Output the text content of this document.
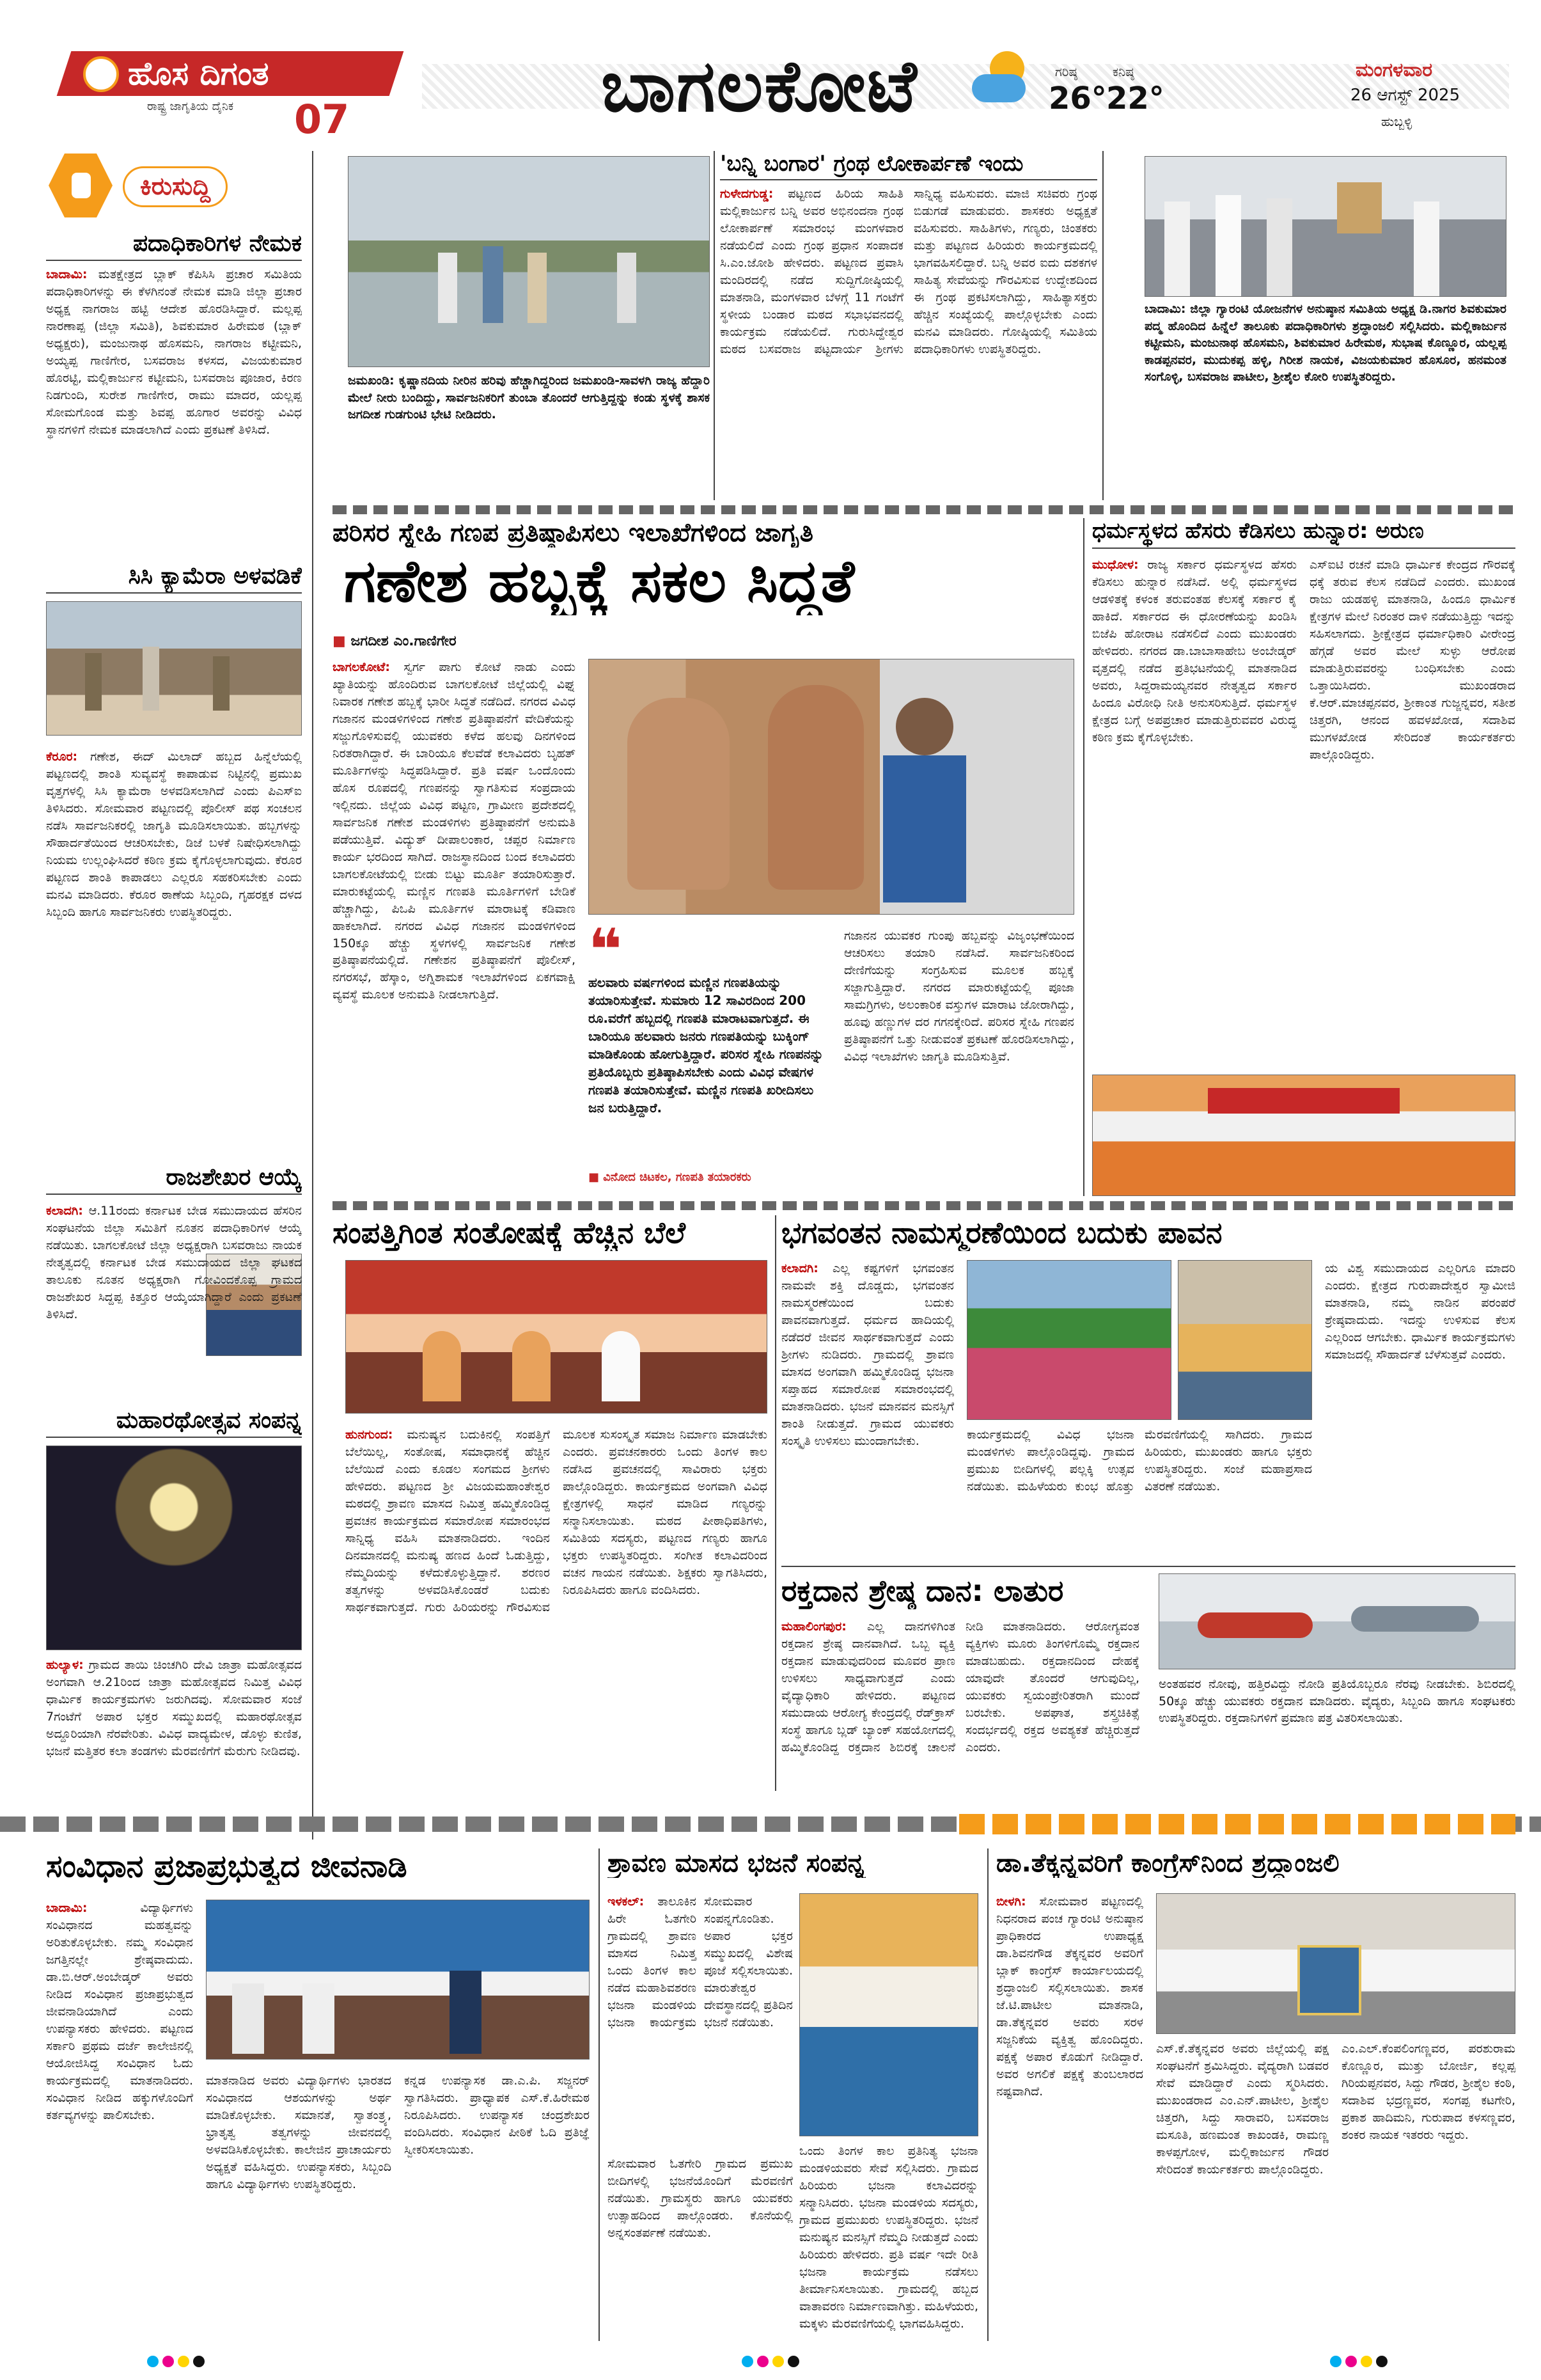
ಹೊಸ ದಿಗಂತ
ರಾಷ್ಟ್ರ ಜಾಗೃತಿಯ ದೈನಿಕ 07	ಬಾಗಲಕೋಟೆ	ಗರಿಷ್ಠ
26°
ಕನಿಷ್ಠ
22°
ಮಂಗಳವಾರ
26 ಆಗಸ್ಟ್ 2025
ಹುಬ್ಬಳ್ಳಿ
ಕಿರುಸುದ್ದಿ
ಪದಾಧಿಕಾರಿಗಳ ನೇಮಕ
ಬಾದಾಮಿ: ಮತಕ್ಷೇತ್ರದ ಬ್ಲಾಕ್ ಕೆಪಿಸಿಸಿ ಪ್ರಚಾರ ಸಮಿತಿಯ ಪದಾಧಿಕಾರಿಗಳನ್ನು ಈ ಕೆಳಗಿನಂತೆ ನೇಮಕ ಮಾಡಿ ಜಿಲ್ಲಾ ಪ್ರಚಾರ ಅಧ್ಯಕ್ಷ ನಾಗರಾಜ ಹಟ್ಟಿ ಆದೇಶ ಹೊರಡಿಸಿದ್ದಾರೆ. ಮಲ್ಲಪ್ಪ ನಾರಣಾಪ್ಪ (ಜಿಲ್ಲಾ ಸಮಿತಿ), ಶಿವಕುಮಾರ ಹಿರೇಮಠ (ಬ್ಲಾಕ್ ಅಧ್ಯಕ್ಷರು), ಮಂಜುನಾಥ ಹೊಸಮನಿ, ನಾಗರಾಜ ಕಟ್ಟೀಮನಿ, ಅಯ್ಯಪ್ಪ ಗಾಣಿಗೇರ, ಬಸವರಾಜ ಕಳಸದ, ವಿಜಯಕುಮಾರ ಹೊರಟ್ಟಿ, ಮಲ್ಲಿಕಾರ್ಜುನ ಕಟ್ಟೀಮನಿ, ಬಸವರಾಜ ಪೂಜಾರ, ಕಿರಣ ನಿಡಗುಂದಿ, ಸುರೇಶ ಗಾಣಿಗೇರ, ರಾಮು ಮಾದರ, ಯಲ್ಲಪ್ಪ ಸೋಮಗೊಂಡ ಮತ್ತು ಶಿವಪ್ಪ ಹೂಗಾರ ಅವರನ್ನು ವಿವಿಧ ಸ್ಥಾನಗಳಿಗೆ ನೇಮಕ ಮಾಡಲಾಗಿದೆ ಎಂದು ಪ್ರಕಟಣೆ ತಿಳಿಸಿದೆ.
ಸಿಸಿ ಕ್ಯಾಮೆರಾ ಅಳವಡಿಕೆ
ಕೆರೂರ: ಗಣೇಶ, ಈದ್ ಮಿಲಾದ್ ಹಬ್ಬದ ಹಿನ್ನೆಲೆಯಲ್ಲಿ ಪಟ್ಟಣದಲ್ಲಿ ಶಾಂತಿ ಸುವ್ಯವಸ್ಥೆ ಕಾಪಾಡುವ ನಿಟ್ಟಿನಲ್ಲಿ ಪ್ರಮುಖ ವೃತ್ತಗಳಲ್ಲಿ ಸಿಸಿ ಕ್ಯಾಮೆರಾ ಅಳವಡಿಸಲಾಗಿದೆ ಎಂದು ಪಿಎಸ್ಐ ತಿಳಿಸಿದರು. ಸೋಮವಾರ ಪಟ್ಟಣದಲ್ಲಿ ಪೊಲೀಸ್ ಪಥ ಸಂಚಲನ ನಡೆಸಿ ಸಾರ್ವಜನಿಕರಲ್ಲಿ ಜಾಗೃತಿ ಮೂಡಿಸಲಾಯಿತು. ಹಬ್ಬಗಳನ್ನು ಸೌಹಾರ್ದತೆಯಿಂದ ಆಚರಿಸಬೇಕು, ಡಿಜೆ ಬಳಕೆ ನಿಷೇಧಿಸಲಾಗಿದ್ದು ನಿಯಮ ಉಲ್ಲಂಘಿಸಿದರೆ ಕಠಿಣ ಕ್ರಮ ಕೈಗೊಳ್ಳಲಾಗುವುದು. ಕೆರೂರ ಪಟ್ಟಣದ ಶಾಂತಿ ಕಾಪಾಡಲು ಎಲ್ಲರೂ ಸಹಕರಿಸಬೇಕು ಎಂದು ಮನವಿ ಮಾಡಿದರು. ಕೆರೂರ ಠಾಣೆಯ ಸಿಬ್ಬಂದಿ, ಗೃಹರಕ್ಷಕ ದಳದ ಸಿಬ್ಬಂದಿ ಹಾಗೂ ಸಾರ್ವಜನಿಕರು ಉಪಸ್ಥಿತರಿದ್ದರು.
ರಾಜಶೇಖರ ಆಯ್ಕೆ
ಕಲಾದಗಿ: ಆ.11ರಂದು ಕರ್ನಾಟಕ ಬೇಡ ಸಮುದಾಯದ ಹೆಸರಿನ ಸಂಘಟನೆಯ ಜಿಲ್ಲಾ ಸಮಿತಿಗೆ ನೂತನ ಪದಾಧಿಕಾರಿಗಳ ಆಯ್ಕೆ ನಡೆಯಿತು. ಬಾಗಲಕೋಟೆ ಜಿಲ್ಲಾ ಅಧ್ಯಕ್ಷರಾಗಿ ಬಸವರಾಜು ನಾಯಕ ನೇತೃತ್ವದಲ್ಲಿ ಕರ್ನಾಟಕ ಬೇಡ ಸಮುದಾಯದ ಜಿಲ್ಲಾ ಘಟಕದ ತಾಲೂಕು ನೂತನ ಅಧ್ಯಕ್ಷರಾಗಿ ಗೋವಿಂದಕೊಪ್ಪ ಗ್ರಾಮದ ರಾಜಶೇಖರ ಸಿದ್ದಪ್ಪ ಕಿತ್ತೂರ ಆಯ್ಕೆಯಾಗಿದ್ದಾರೆ ಎಂದು ಪ್ರಕಟಣೆ ತಿಳಿಸಿದೆ.
ಮಹಾರಥೋತ್ಸವ ಸಂಪನ್ನ
ಹುಲ್ಯಾಳ: ಗ್ರಾಮದ ತಾಯಿ ಚಿಂಚಗಿರಿ ದೇವಿ ಜಾತ್ರಾ ಮಹೋತ್ಸವದ ಅಂಗವಾಗಿ ಆ.21ರಿಂದ ಜಾತ್ರಾ ಮಹೋತ್ಸವದ ನಿಮಿತ್ತ ವಿವಿಧ ಧಾರ್ಮಿಕ ಕಾರ್ಯಕ್ರಮಗಳು ಜರುಗಿದವು. ಸೋಮವಾರ ಸಂಜೆ 7ಗಂಟೆಗೆ ಅಪಾರ ಭಕ್ತರ ಸಮ್ಮುಖದಲ್ಲಿ ಮಹಾರಥೋತ್ಸವ ಅದ್ದೂರಿಯಾಗಿ ನೆರವೇರಿತು. ವಿವಿಧ ವಾದ್ಯಮೇಳ, ಡೊಳ್ಳು ಕುಣಿತ, ಭಜನೆ ಮತ್ತಿತರ ಕಲಾ ತಂಡಗಳು ಮೆರವಣಿಗೆಗೆ ಮೆರುಗು ನೀಡಿದವು.
ಜಮಖಂಡಿ: ಕೃಷ್ಣಾನದಿಯ ನೀರಿನ ಹರಿವು ಹೆಚ್ಚಾಗಿದ್ದರಿಂದ ಜಮಖಂಡಿ-ಸಾವಳಗಿ ರಾಜ್ಯ ಹೆದ್ದಾರಿ ಮೇಲೆ ನೀರು ಬಂದಿದ್ದು, ಸಾರ್ವಜನಿಕರಿಗೆ ತುಂಬಾ ತೊಂದರೆ ಆಗುತ್ತಿದ್ದನ್ನು ಕಂಡು ಸ್ಥಳಕ್ಕೆ ಶಾಸಕ ಜಗದೀಶ ಗುಡಗುಂಟಿ ಭೇಟಿ ನೀಡಿದರು.
'ಬನ್ನಿ ಬಂಗಾರ' ಗ್ರಂಥ ಲೋಕಾರ್ಪಣೆ ಇಂದು
ಗುಳೇದಗುಡ್ಡ: ಪಟ್ಟಣದ ಹಿರಿಯ ಸಾಹಿತಿ ಮಲ್ಲಿಕಾರ್ಜುನ ಬನ್ನಿ ಅವರ ಅಭಿನಂದನಾ ಗ್ರಂಥ ಲೋಕಾರ್ಪಣೆ ಸಮಾರಂಭ ಮಂಗಳವಾರ ನಡೆಯಲಿದೆ ಎಂದು ಗ್ರಂಥ ಪ್ರಧಾನ ಸಂಪಾದಕ ಸಿ.ಎಂ.ಜೋಶಿ ಹೇಳಿದರು. ಪಟ್ಟಣದ ಪ್ರವಾಸಿ ಮಂದಿರದಲ್ಲಿ ನಡೆದ ಸುದ್ದಿಗೋಷ್ಠಿಯಲ್ಲಿ ಮಾತನಾಡಿ, ಮಂಗಳವಾರ ಬೆಳಗ್ಗೆ 11 ಗಂಟೆಗೆ ಸ್ಥಳೀಯ ಬಂಡಾರ ಮಠದ ಸಭಾಭವನದಲ್ಲಿ ಕಾರ್ಯಕ್ರಮ ನಡೆಯಲಿದೆ. ಗುರುಸಿದ್ದೇಶ್ವರ ಮಠದ ಬಸವರಾಜ ಪಟ್ಟದಾರ್ಯ ಶ್ರೀಗಳು ಸಾನ್ನಿಧ್ಯ ವಹಿಸುವರು. ಮಾಜಿ ಸಚಿವರು ಗ್ರಂಥ ಬಿಡುಗಡೆ ಮಾಡುವರು. ಶಾಸಕರು ಅಧ್ಯಕ್ಷತೆ ವಹಿಸುವರು. ಸಾಹಿತಿಗಳು, ಗಣ್ಯರು, ಚಿಂತಕರು ಮತ್ತು ಪಟ್ಟಣದ ಹಿರಿಯರು ಕಾರ್ಯಕ್ರಮದಲ್ಲಿ ಭಾಗವಹಿಸಲಿದ್ದಾರೆ. ಬನ್ನಿ ಅವರ ಐದು ದಶಕಗಳ ಸಾಹಿತ್ಯ ಸೇವೆಯನ್ನು ಗೌರವಿಸುವ ಉದ್ದೇಶದಿಂದ ಈ ಗ್ರಂಥ ಪ್ರಕಟಿಸಲಾಗಿದ್ದು, ಸಾಹಿತ್ಯಾಸಕ್ತರು ಹೆಚ್ಚಿನ ಸಂಖ್ಯೆಯಲ್ಲಿ ಪಾಲ್ಗೊಳ್ಳಬೇಕು ಎಂದು ಮನವಿ ಮಾಡಿದರು. ಗೋಷ್ಠಿಯಲ್ಲಿ ಸಮಿತಿಯ ಪದಾಧಿಕಾರಿಗಳು ಉಪಸ್ಥಿತರಿದ್ದರು.
ಬಾದಾಮಿ: ಜಿಲ್ಲಾ ಗ್ಯಾರಂಟಿ ಯೋಜನೆಗಳ ಅನುಷ್ಠಾನ ಸಮಿತಿಯ ಅಧ್ಯಕ್ಷ ಡಿ.ನಾಗರ ಶಿವಕುಮಾರ ಪದ್ಮ ಹೊಂದಿದ ಹಿನ್ನೆಲೆ ತಾಲೂಕು ಪದಾಧಿಕಾರಿಗಳು ಶ್ರದ್ಧಾಂಜಲಿ ಸಲ್ಲಿಸಿದರು. ಮಲ್ಲಿಕಾರ್ಜುನ ಕಟ್ಟೀಮನಿ, ಮಂಜುನಾಥ ಹೊಸಮನಿ, ಶಿವಕುಮಾರ ಹಿರೇಮಠ, ಸುಭಾಷ ಕೊಣ್ಣೂರ, ಯಲ್ಲಪ್ಪ ಕಾಡಪ್ಪನವರ, ಮುದುಕಪ್ಪ ಹಳ್ಳಿ, ಗಿರೀಶ ನಾಯಕ, ವಿಜಯಕುಮಾರ ಹೊಸೂರ, ಹನಮಂತ ಸಂಗೊಳ್ಳಿ, ಬಸವರಾಜ ಪಾಟೀಲ, ಶ್ರೀಶೈಲ ಕೋರಿ ಉಪಸ್ಥಿತರಿದ್ದರು.
ಪರಿಸರ ಸ್ನೇಹಿ ಗಣಪ ಪ್ರತಿಷ್ಠಾಪಿಸಲು ಇಲಾಖೆಗಳಿಂದ ಜಾಗೃತಿ
ಗಣೇಶ ಹಬ್ಬಕ್ಕೆ ಸಕಲ ಸಿದ್ಧತೆ
■ ಜಗದೀಶ ಎಂ.ಗಾಣಿಗೇರ
ಬಾಗಲಕೋಟೆ: ಸ್ವರ್ಗ ಪಾಗು ಕೋಟೆ ನಾಡು ಎಂದು ಖ್ಯಾತಿಯನ್ನು ಹೊಂದಿರುವ ಬಾಗಲಕೋಟೆ ಜಿಲ್ಲೆಯಲ್ಲಿ ವಿಘ್ನ ನಿವಾರಕ ಗಣೇಶ ಹಬ್ಬಕ್ಕೆ ಭಾರೀ ಸಿದ್ಧತೆ ನಡೆದಿದೆ. ನಗರದ ವಿವಿಧ ಗಜಾನನ ಮಂಡಳಿಗಳಿಂದ ಗಣೇಶ ಪ್ರತಿಷ್ಠಾಪನೆಗೆ ವೇದಿಕೆಯನ್ನು ಸಜ್ಜುಗೊಳಿಸುವಲ್ಲಿ ಯುವಕರು ಕಳೆದ ಹಲವು ದಿನಗಳಿಂದ ನಿರತರಾಗಿದ್ದಾರೆ. ಈ ಬಾರಿಯೂ ಕೆಲವೆಡೆ ಕಲಾವಿದರು ಬೃಹತ್ ಮೂರ್ತಿಗಳನ್ನು ಸಿದ್ಧಪಡಿಸಿದ್ದಾರೆ. ಪ್ರತಿ ವರ್ಷ ಒಂದೊಂದು ಹೊಸ ರೂಪದಲ್ಲಿ ಗಣಪನನ್ನು ಸ್ವಾಗತಿಸುವ ಸಂಪ್ರದಾಯ ಇಲ್ಲಿನದು. ಜಿಲ್ಲೆಯ ವಿವಿಧ ಪಟ್ಟಣ, ಗ್ರಾಮೀಣ ಪ್ರದೇಶದಲ್ಲಿ ಸಾರ್ವಜನಿಕ ಗಣೇಶ ಮಂಡಳಿಗಳು ಪ್ರತಿಷ್ಠಾಪನೆಗೆ ಅನುಮತಿ ಪಡೆಯುತ್ತಿವೆ. ವಿದ್ಯುತ್ ದೀಪಾಲಂಕಾರ, ಚಪ್ಪರ ನಿರ್ಮಾಣ ಕಾರ್ಯ ಭರದಿಂದ ಸಾಗಿದೆ. ರಾಜಸ್ಥಾನದಿಂದ ಬಂದ ಕಲಾವಿದರು ಬಾಗಲಕೋಟೆಯಲ್ಲಿ ಬೀಡು ಬಿಟ್ಟು ಮೂರ್ತಿ ತಯಾರಿಸುತ್ತಾರೆ. ಮಾರುಕಟ್ಟೆಯಲ್ಲಿ ಮಣ್ಣಿನ ಗಣಪತಿ ಮೂರ್ತಿಗಳಿಗೆ ಬೇಡಿಕೆ ಹೆಚ್ಚಾಗಿದ್ದು, ಪಿಒಪಿ ಮೂರ್ತಿಗಳ ಮಾರಾಟಕ್ಕೆ ಕಡಿವಾಣ ಹಾಕಲಾಗಿದೆ. ನಗರದ ವಿವಿಧ ಗಜಾನನ ಮಂಡಳಿಗಳಿಂದ 150ಕ್ಕೂ ಹೆಚ್ಚು ಸ್ಥಳಗಳಲ್ಲಿ ಸಾರ್ವಜನಿಕ ಗಣೇಶ ಪ್ರತಿಷ್ಠಾಪನೆಯಲ್ಲಿದೆ. ಗಣೇಶನ ಪ್ರತಿಷ್ಠಾಪನೆಗೆ ಪೊಲೀಸ್, ನಗರಸಭೆ, ಹೆಸ್ಕಾಂ, ಅಗ್ನಿಶಾಮಕ ಇಲಾಖೆಗಳಿಂದ ಏಕಗವಾಕ್ಷಿ ವ್ಯವಸ್ಥೆ ಮೂಲಕ ಅನುಮತಿ ನೀಡಲಾಗುತ್ತಿದೆ.
❝
ಹಲವಾರು ವರ್ಷಗಳಿಂದ ಮಣ್ಣಿನ ಗಣಪತಿಯನ್ನು ತಯಾರಿಸುತ್ತೇವೆ. ಸುಮಾರು 12 ಸಾವಿರದಿಂದ 200 ರೂ.ವರೆಗೆ ಹಬ್ಬದಲ್ಲಿ ಗಣಪತಿ ಮಾರಾಟವಾಗುತ್ತದೆ. ಈ ಬಾರಿಯೂ ಹಲವಾರು ಜನರು ಗಣಪತಿಯನ್ನು ಬುಕ್ಕಿಂಗ್ ಮಾಡಿಕೊಂಡು ಹೋಗುತ್ತಿದ್ದಾರೆ. ಪರಿಸರ ಸ್ನೇಹಿ ಗಣಪನನ್ನು ಪ್ರತಿಯೊಬ್ಬರು ಪ್ರತಿಷ್ಠಾಪಿಸಬೇಕು ಎಂದು ವಿವಿಧ ವೇಷಗಳ ಗಣಪತಿ ತಯಾರಿಸುತ್ತೇವೆ. ಮಣ್ಣಿನ ಗಣಪತಿ ಖರೀದಿಸಲು ಜನ ಬರುತ್ತಿದ್ದಾರೆ.
■ ವಿನೋದ ಚಿಟಕಲ, ಗಣಪತಿ ತಯಾರಕರು
ಗಜಾನನ ಯುವಕರ ಗುಂಪು ಹಬ್ಬವನ್ನು ವಿಜೃಂಭಣೆಯಿಂದ ಆಚರಿಸಲು ತಯಾರಿ ನಡೆಸಿದೆ. ಸಾರ್ವಜನಿಕರಿಂದ ದೇಣಿಗೆಯನ್ನು ಸಂಗ್ರಹಿಸುವ ಮೂಲಕ ಹಬ್ಬಕ್ಕೆ ಸಜ್ಜಾಗುತ್ತಿದ್ದಾರೆ. ನಗರದ ಮಾರುಕಟ್ಟೆಯಲ್ಲಿ ಪೂಜಾ ಸಾಮಗ್ರಿಗಳು, ಅಲಂಕಾರಿಕ ವಸ್ತುಗಳ ಮಾರಾಟ ಜೋರಾಗಿದ್ದು, ಹೂವು ಹಣ್ಣುಗಳ ದರ ಗಗನಕ್ಕೇರಿದೆ. ಪರಿಸರ ಸ್ನೇಹಿ ಗಣಪನ ಪ್ರತಿಷ್ಠಾಪನೆಗೆ ಒತ್ತು ನೀಡುವಂತೆ ಪ್ರಕಟಣೆ ಹೊರಡಿಸಲಾಗಿದ್ದು, ವಿವಿಧ ಇಲಾಖೆಗಳು ಜಾಗೃತಿ ಮೂಡಿಸುತ್ತಿವೆ.
ಧರ್ಮಸ್ಥಳದ ಹೆಸರು ಕೆಡಿಸಲು ಹುನ್ನಾರ: ಅರುಣ
ಮುಧೋಳ: ರಾಜ್ಯ ಸರ್ಕಾರ ಧರ್ಮಸ್ಥಳದ ಹೆಸರು ಕೆಡಿಸಲು ಹುನ್ನಾರ ನಡೆಸಿದೆ. ಅಲ್ಲಿ ಧರ್ಮಸ್ಥಳದ ಆಡಳಿತಕ್ಕೆ ಕಳಂಕ ತರುವಂತಹ ಕೆಲಸಕ್ಕೆ ಸರ್ಕಾರ ಕೈ ಹಾಕಿದೆ. ಸರ್ಕಾರದ ಈ ಧೋರಣೆಯನ್ನು ಖಂಡಿಸಿ ಬಿಜೆಪಿ ಹೋರಾಟ ನಡೆಸಲಿದೆ ಎಂದು ಮುಖಂಡರು ಹೇಳಿದರು. ನಗರದ ಡಾ.ಬಾಬಾಸಾಹೇಬ ಅಂಬೇಡ್ಕರ್ ವೃತ್ತದಲ್ಲಿ ನಡೆದ ಪ್ರತಿಭಟನೆಯಲ್ಲಿ ಮಾತನಾಡಿದ ಅವರು, ಸಿದ್ದರಾಮಯ್ಯನವರ ನೇತೃತ್ವದ ಸರ್ಕಾರ ಹಿಂದೂ ವಿರೋಧಿ ನೀತಿ ಅನುಸರಿಸುತ್ತಿದೆ. ಧರ್ಮಸ್ಥಳ ಕ್ಷೇತ್ರದ ಬಗ್ಗೆ ಅಪಪ್ರಚಾರ ಮಾಡುತ್ತಿರುವವರ ವಿರುದ್ಧ ಕಠಿಣ ಕ್ರಮ ಕೈಗೊಳ್ಳಬೇಕು.
ಎಸ್ಐಟಿ ರಚನೆ ಮಾಡಿ ಧಾರ್ಮಿಕ ಕೇಂದ್ರದ ಗೌರವಕ್ಕೆ ಧಕ್ಕೆ ತರುವ ಕೆಲಸ ನಡೆದಿದೆ ಎಂದರು. ಮುಖಂಡ ರಾಜು ಯಡಹಳ್ಳಿ ಮಾತನಾಡಿ, ಹಿಂದೂ ಧಾರ್ಮಿಕ ಕ್ಷೇತ್ರಗಳ ಮೇಲೆ ನಿರಂತರ ದಾಳಿ ನಡೆಯುತ್ತಿದ್ದು ಇದನ್ನು ಸಹಿಸಲಾಗದು. ಶ್ರೀಕ್ಷೇತ್ರದ ಧರ್ಮಾಧಿಕಾರಿ ವೀರೇಂದ್ರ ಹೆಗ್ಗಡೆ ಅವರ ಮೇಲೆ ಸುಳ್ಳು ಆರೋಪ ಮಾಡುತ್ತಿರುವವರನ್ನು ಬಂಧಿಸಬೇಕು ಎಂದು ಒತ್ತಾಯಿಸಿದರು. ಮುಖಂಡರಾದ ಕೆ.ಆರ್.ಮಾಚಪ್ಪನವರ, ಶ್ರೀಕಾಂತ ಗುಜ್ಜನ್ನವರ, ಸತೀಶ ಚಿತ್ತರಗಿ, ಆನಂದ ಹವಳಖೋಡ, ಸದಾಶಿವ ಮುಗಳಖೋಡ ಸೇರಿದಂತೆ ಕಾರ್ಯಕರ್ತರು ಪಾಲ್ಗೊಂಡಿದ್ದರು.
ಸಂಪತ್ತಿಗಿಂತ ಸಂತೋಷಕ್ಕೆ ಹೆಚ್ಚಿನ ಬೆಲೆ
ಹುನಗುಂದ: ಮನುಷ್ಯನ ಬದುಕಿನಲ್ಲಿ ಸಂಪತ್ತಿಗೆ ಬೆಲೆಯಿಲ್ಲ, ಸಂತೋಷ, ಸಮಾಧಾನಕ್ಕೆ ಹೆಚ್ಚಿನ ಬೆಲೆಯಿದೆ ಎಂದು ಕೂಡಲ ಸಂಗಮದ ಶ್ರೀಗಳು ಹೇಳಿದರು. ಪಟ್ಟಣದ ಶ್ರೀ ವಿಜಯಮಹಾಂತೇಶ್ವರ ಮಠದಲ್ಲಿ ಶ್ರಾವಣ ಮಾಸದ ನಿಮಿತ್ತ ಹಮ್ಮಿಕೊಂಡಿದ್ದ ಪ್ರವಚನ ಕಾರ್ಯಕ್ರಮದ ಸಮಾರೋಪ ಸಮಾರಂಭದ ಸಾನ್ನಿಧ್ಯ ವಹಿಸಿ ಮಾತನಾಡಿದರು. ಇಂದಿನ ದಿನಮಾನದಲ್ಲಿ ಮನುಷ್ಯ ಹಣದ ಹಿಂದೆ ಓಡುತ್ತಿದ್ದು, ನೆಮ್ಮದಿಯನ್ನು ಕಳೆದುಕೊಳ್ಳುತ್ತಿದ್ದಾನೆ. ಶರಣರ ತತ್ವಗಳನ್ನು ಅಳವಡಿಸಿಕೊಂಡರೆ ಬದುಕು ಸಾರ್ಥಕವಾಗುತ್ತದೆ. ಗುರು ಹಿರಿಯರನ್ನು ಗೌರವಿಸುವ ಮೂಲಕ ಸುಸಂಸ್ಕೃತ ಸಮಾಜ ನಿರ್ಮಾಣ ಮಾಡಬೇಕು ಎಂದರು. ಪ್ರವಚನಕಾರರು ಒಂದು ತಿಂಗಳ ಕಾಲ ನಡೆಸಿದ ಪ್ರವಚನದಲ್ಲಿ ಸಾವಿರಾರು ಭಕ್ತರು ಪಾಲ್ಗೊಂಡಿದ್ದರು. ಕಾರ್ಯಕ್ರಮದ ಅಂಗವಾಗಿ ವಿವಿಧ ಕ್ಷೇತ್ರಗಳಲ್ಲಿ ಸಾಧನೆ ಮಾಡಿದ ಗಣ್ಯರನ್ನು ಸನ್ಮಾನಿಸಲಾಯಿತು. ಮಠದ ಪೀಠಾಧಿಪತಿಗಳು, ಸಮಿತಿಯ ಸದಸ್ಯರು, ಪಟ್ಟಣದ ಗಣ್ಯರು ಹಾಗೂ ಭಕ್ತರು ಉಪಸ್ಥಿತರಿದ್ದರು. ಸಂಗೀತ ಕಲಾವಿದರಿಂದ ವಚನ ಗಾಯನ ನಡೆಯಿತು. ಶಿಕ್ಷಕರು ಸ್ವಾಗತಿಸಿದರು, ನಿರೂಪಿಸಿದರು ಹಾಗೂ ವಂದಿಸಿದರು.
ಭಗವಂತನ ನಾಮಸ್ಮರಣೆಯಿಂದ ಬದುಕು ಪಾವನ
ಕಲಾದಗಿ: ಎಲ್ಲ ಕಷ್ಟಗಳಿಗೆ ಭಗವಂತನ ನಾಮವೇ ಶಕ್ತಿ ದೊಡ್ಡದು, ಭಗವಂತನ ನಾಮಸ್ಮರಣೆಯಿಂದ ಬದುಕು ಪಾವನವಾಗುತ್ತದೆ. ಧರ್ಮದ ಹಾದಿಯಲ್ಲಿ ನಡೆದರೆ ಜೀವನ ಸಾರ್ಥಕವಾಗುತ್ತದೆ ಎಂದು ಶ್ರೀಗಳು ನುಡಿದರು. ಗ್ರಾಮದಲ್ಲಿ ಶ್ರಾವಣ ಮಾಸದ ಅಂಗವಾಗಿ ಹಮ್ಮಿಕೊಂಡಿದ್ದ ಭಜನಾ ಸಪ್ತಾಹದ ಸಮಾರೋಪ ಸಮಾರಂಭದಲ್ಲಿ ಮಾತನಾಡಿದರು. ಭಜನೆ ಮಾನವನ ಮನಸ್ಸಿಗೆ ಶಾಂತಿ ನೀಡುತ್ತದೆ. ಗ್ರಾಮದ ಯುವಕರು ಸಂಸ್ಕೃತಿ ಉಳಿಸಲು ಮುಂದಾಗಬೇಕು.	ಕಾರ್ಯಕ್ರಮದಲ್ಲಿ ವಿವಿಧ ಭಜನಾ ಮಂಡಳಿಗಳು ಪಾಲ್ಗೊಂಡಿದ್ದವು. ಗ್ರಾಮದ ಪ್ರಮುಖ ಬೀದಿಗಳಲ್ಲಿ ಪಲ್ಲಕ್ಕಿ ಉತ್ಸವ ನಡೆಯಿತು. ಮಹಿಳೆಯರು ಕುಂಭ ಹೊತ್ತು ಮೆರವಣಿಗೆಯಲ್ಲಿ ಸಾಗಿದರು. ಗ್ರಾಮದ ಹಿರಿಯರು, ಮುಖಂಡರು ಹಾಗೂ ಭಕ್ತರು ಉಪಸ್ಥಿತರಿದ್ದರು. ಸಂಜೆ ಮಹಾಪ್ರಸಾದ ವಿತರಣೆ ನಡೆಯಿತು.
ಯ ವಿಶ್ವ ಸಮುದಾಯದ ಎಲ್ಲರಿಗೂ ಮಾದರಿ ಎಂದರು. ಕ್ಷೇತ್ರದ ಗುರುಪಾದೇಶ್ವರ ಸ್ವಾಮೀಜಿ ಮಾತನಾಡಿ, ನಮ್ಮ ನಾಡಿನ ಪರಂಪರೆ ಶ್ರೇಷ್ಠವಾದುದು. ಇದನ್ನು ಉಳಿಸುವ ಕೆಲಸ ಎಲ್ಲರಿಂದ ಆಗಬೇಕು. ಧಾರ್ಮಿಕ ಕಾರ್ಯಕ್ರಮಗಳು ಸಮಾಜದಲ್ಲಿ ಸೌಹಾರ್ದತೆ ಬೆಳೆಸುತ್ತವೆ ಎಂದರು.
ರಕ್ತದಾನ ಶ್ರೇಷ್ಠ ದಾನ: ಲಾತುರ
ಮಹಾಲಿಂಗಪುರ: ಎಲ್ಲ ದಾನಗಳಿಗಿಂತ ರಕ್ತದಾನ ಶ್ರೇಷ್ಠ ದಾನವಾಗಿದೆ. ಒಬ್ಬ ವ್ಯಕ್ತಿ ರಕ್ತದಾನ ಮಾಡುವುದರಿಂದ ಮೂವರ ಪ್ರಾಣ ಉಳಿಸಲು ಸಾಧ್ಯವಾಗುತ್ತದೆ ಎಂದು ವೈದ್ಯಾಧಿಕಾರಿ ಹೇಳಿದರು. ಪಟ್ಟಣದ ಸಮುದಾಯ ಆರೋಗ್ಯ ಕೇಂದ್ರದಲ್ಲಿ ರೆಡ್‌ಕ್ರಾಸ್ ಸಂಸ್ಥೆ ಹಾಗೂ ಬ್ಲಡ್ ಬ್ಯಾಂಕ್ ಸಹಯೋಗದಲ್ಲಿ ಹಮ್ಮಿಕೊಂಡಿದ್ದ ರಕ್ತದಾನ ಶಿಬಿರಕ್ಕೆ ಚಾಲನೆ ನೀಡಿ ಮಾತನಾಡಿದರು. ಆರೋಗ್ಯವಂತ ವ್ಯಕ್ತಿಗಳು ಮೂರು ತಿಂಗಳಿಗೊಮ್ಮೆ ರಕ್ತದಾನ ಮಾಡಬಹುದು. ರಕ್ತದಾನದಿಂದ ದೇಹಕ್ಕೆ ಯಾವುದೇ ತೊಂದರೆ ಆಗುವುದಿಲ್ಲ, ಯುವಕರು ಸ್ವಯಂಪ್ರೇರಿತರಾಗಿ ಮುಂದೆ ಬರಬೇಕು. ಅಪಘಾತ, ಶಸ್ತ್ರಚಿಕಿತ್ಸೆ ಸಂದರ್ಭದಲ್ಲಿ ರಕ್ತದ ಅವಶ್ಯಕತೆ ಹೆಚ್ಚಿರುತ್ತದೆ ಎಂದರು.
ಅಂತಹವರ ನೋವು, ಹತ್ತಿರವಿದ್ದು ನೋಡಿ ಪ್ರತಿಯೊಬ್ಬರೂ ನೆರವು ನೀಡಬೇಕು. ಶಿಬಿರದಲ್ಲಿ 50ಕ್ಕೂ ಹೆಚ್ಚು ಯುವಕರು ರಕ್ತದಾನ ಮಾಡಿದರು. ವೈದ್ಯರು, ಸಿಬ್ಬಂದಿ ಹಾಗೂ ಸಂಘಟಕರು ಉಪಸ್ಥಿತರಿದ್ದರು. ರಕ್ತದಾನಿಗಳಿಗೆ ಪ್ರಮಾಣ ಪತ್ರ ವಿತರಿಸಲಾಯಿತು.
ಸಂವಿಧಾನ ಪ್ರಜಾಪ್ರಭುತ್ವದ ಜೀವನಾಡಿ
ಬಾದಾಮಿ:	ವಿದ್ಯಾರ್ಥಿಗಳು ಸಂವಿಧಾನದ ಮಹತ್ವವನ್ನು ಅರಿತುಕೊಳ್ಳಬೇಕು. ನಮ್ಮ ಸಂವಿಧಾನ ಜಗತ್ತಿನಲ್ಲೇ ಶ್ರೇಷ್ಠವಾದುದು. ಡಾ.ಬಿ.ಆರ್.ಅಂಬೇಡ್ಕರ್ ಅವರು ನೀಡಿದ ಸಂವಿಧಾನ ಪ್ರಜಾಪ್ರಭುತ್ವದ ಜೀವನಾಡಿಯಾಗಿದೆ ಎಂದು ಉಪನ್ಯಾಸಕರು ಹೇಳಿದರು. ಪಟ್ಟಣದ ಸರ್ಕಾರಿ ಪ್ರಥಮ ದರ್ಜೆ ಕಾಲೇಜಿನಲ್ಲಿ ಆಯೋಜಿಸಿದ್ದ ಸಂವಿಧಾನ ಓದು ಕಾರ್ಯಕ್ರಮದಲ್ಲಿ ಮಾತನಾಡಿದರು. ಸಂವಿಧಾನ ನೀಡಿದ ಹಕ್ಕುಗಳೊಂದಿಗೆ ಕರ್ತವ್ಯಗಳನ್ನು ಪಾಲಿಸಬೇಕು.
ಮಾತನಾಡಿದ ಅವರು ವಿದ್ಯಾರ್ಥಿಗಳು ಭಾರತದ ಸಂವಿಧಾನದ ಆಶಯಗಳನ್ನು ಅರ್ಥ ಮಾಡಿಕೊಳ್ಳಬೇಕು. ಸಮಾನತೆ, ಸ್ವಾತಂತ್ರ್ಯ, ಭ್ರಾತೃತ್ವ ತತ್ವಗಳನ್ನು ಜೀವನದಲ್ಲಿ ಅಳವಡಿಸಿಕೊಳ್ಳಬೇಕು. ಕಾಲೇಜಿನ ಪ್ರಾಚಾರ್ಯರು ಅಧ್ಯಕ್ಷತೆ ವಹಿಸಿದ್ದರು. ಉಪನ್ಯಾಸಕರು, ಸಿಬ್ಬಂದಿ ಹಾಗೂ ವಿದ್ಯಾರ್ಥಿಗಳು ಉಪಸ್ಥಿತರಿದ್ದರು.
ಕನ್ನಡ ಉಪನ್ಯಾಸಕ ಡಾ.ಎ.ಪಿ. ಸಜ್ಜನರ್ ಸ್ವಾಗತಿಸಿದರು. ಪ್ರಾಧ್ಯಾಪಕ ಎಸ್.ಕೆ.ಹಿರೇಮಠ ನಿರೂಪಿಸಿದರು. ಉಪನ್ಯಾಸಕ ಚಂದ್ರಶೇಖರ ವಂದಿಸಿದರು. ಸಂವಿಧಾನ ಪೀಠಿಕೆ ಓದಿ ಪ್ರತಿಜ್ಞೆ ಸ್ವೀಕರಿಸಲಾಯಿತು.
ಶ್ರಾವಣ ಮಾಸದ ಭಜನೆ ಸಂಪನ್ನ
ಇಳಕಲ್: ತಾಲೂಕಿನ ಹಿರೇ ಓತಗೇರಿ ಗ್ರಾಮದಲ್ಲಿ ಶ್ರಾವಣ ಮಾಸದ ನಿಮಿತ್ತ ಒಂದು ತಿಂಗಳ ಕಾಲ ನಡೆದ ಮಹಾಶಿವಶರಣ ಭಜನಾ ಮಂಡಳಿಯ ಭಜನಾ ಕಾರ್ಯಕ್ರಮ ಸೋಮವಾರ ಸಂಪನ್ನಗೊಂಡಿತು. ಅಪಾರ ಭಕ್ತರ ಸಮ್ಮುಖದಲ್ಲಿ ವಿಶೇಷ ಪೂಜೆ ಸಲ್ಲಿಸಲಾಯಿತು. ಮಾರುತೇಶ್ವರ ದೇವಸ್ಥಾನದಲ್ಲಿ ಪ್ರತಿದಿನ ಭಜನೆ ನಡೆಯಿತು.
ಸೋಮವಾರ ಓತಗೇರಿ ಗ್ರಾಮದ ಪ್ರಮುಖ ಬೀದಿಗಳಲ್ಲಿ ಭಜನೆಯೊಂದಿಗೆ ಮೆರವಣಿಗೆ ನಡೆಯಿತು. ಗ್ರಾಮಸ್ಥರು ಹಾಗೂ ಯುವಕರು ಉತ್ಸಾಹದಿಂದ ಪಾಲ್ಗೊಂಡರು. ಕೊನೆಯಲ್ಲಿ ಅನ್ನಸಂತರ್ಪಣೆ ನಡೆಯಿತು.
ಒಂದು ತಿಂಗಳ ಕಾಲ ಪ್ರತಿನಿತ್ಯ ಭಜನಾ ಮಂಡಳಿಯವರು ಸೇವೆ ಸಲ್ಲಿಸಿದರು. ಗ್ರಾಮದ ಹಿರಿಯರು ಭಜನಾ ಕಲಾವಿದರನ್ನು ಸನ್ಮಾನಿಸಿದರು. ಭಜನಾ ಮಂಡಳಿಯ ಸದಸ್ಯರು, ಗ್ರಾಮದ ಪ್ರಮುಖರು ಉಪಸ್ಥಿತರಿದ್ದರು. ಭಜನೆ ಮನುಷ್ಯನ ಮನಸ್ಸಿಗೆ ನೆಮ್ಮದಿ ನೀಡುತ್ತದೆ ಎಂದು ಹಿರಿಯರು ಹೇಳಿದರು. ಪ್ರತಿ ವರ್ಷ ಇದೇ ರೀತಿ ಭಜನಾ ಕಾರ್ಯಕ್ರಮ ನಡೆಸಲು ತೀರ್ಮಾನಿಸಲಾಯಿತು. ಗ್ರಾಮದಲ್ಲಿ ಹಬ್ಬದ ವಾತಾವರಣ ನಿರ್ಮಾಣವಾಗಿತ್ತು. ಮಹಿಳೆಯರು, ಮಕ್ಕಳು ಮೆರವಣಿಗೆಯಲ್ಲಿ ಭಾಗವಹಿಸಿದ್ದರು.
ಡಾ.ತೆಕ್ಕನ್ನವರಿಗೆ ಕಾಂಗ್ರೆಸ್‌ನಿಂದ ಶ್ರದ್ಧಾಂಜಲಿ
ಬೀಳಗಿ: ಸೋಮವಾರ ಪಟ್ಟಣದಲ್ಲಿ ನಿಧನರಾದ ಪಂಚ ಗ್ಯಾರಂಟಿ ಅನುಷ್ಠಾನ ಪ್ರಾಧಿಕಾರದ ಉಪಾಧ್ಯಕ್ಷ ಡಾ.ಶಿವನಗೌಡ ತೆಕ್ಕನ್ನವರ ಅವರಿಗೆ ಬ್ಲಾಕ್ ಕಾಂಗ್ರೆಸ್ ಕಾರ್ಯಾಲಯದಲ್ಲಿ ಶ್ರದ್ಧಾಂಜಲಿ ಸಲ್ಲಿಸಲಾಯಿತು. ಶಾಸಕ ಜೆ.ಟಿ.ಪಾಟೀಲ ಮಾತನಾಡಿ, ಡಾ.ತೆಕ್ಕನ್ನವರ ಅವರು ಸರಳ ಸಜ್ಜನಿಕೆಯ ವ್ಯಕ್ತಿತ್ವ ಹೊಂದಿದ್ದರು. ಪಕ್ಷಕ್ಕೆ ಅಪಾರ ಕೊಡುಗೆ ನೀಡಿದ್ದಾರೆ. ಅವರ ಅಗಲಿಕೆ ಪಕ್ಷಕ್ಕೆ ತುಂಬಲಾರದ ನಷ್ಟವಾಗಿದೆ.
ಎಸ್.ಕೆ.ತೆಕ್ಕನ್ನವರ ಅವರು ಜಿಲ್ಲೆಯಲ್ಲಿ ಪಕ್ಷ ಸಂಘಟನೆಗೆ ಶ್ರಮಿಸಿದ್ದರು. ವೈದ್ಯರಾಗಿ ಬಡವರ ಸೇವೆ ಮಾಡಿದ್ದಾರೆ ಎಂದು ಸ್ಮರಿಸಿದರು. ಮುಖಂಡರಾದ ಎಂ.ಎನ್.ಪಾಟೀಲ, ಶ್ರೀಶೈಲ ಚಿತ್ತರಗಿ, ಸಿದ್ದು ಸಾರಾವರಿ, ಬಸವರಾಜ ಮಸೂತಿ, ಹಣಮಂತ ಕಾಖಂಡಕಿ, ರಾಮಣ್ಣ ಕಾಳಪ್ಪಗೋಳ, ಮಲ್ಲಿಕಾರ್ಜುನ ಗೌಡರ ಸೇರಿದಂತೆ ಕಾರ್ಯಕರ್ತರು ಪಾಲ್ಗೊಂಡಿದ್ದರು.
ಎಂ.ಎಲ್.ಕೆಂಪಲಿಂಗಣ್ಣವರ, ಪರಶುರಾಮ ಕೊಣ್ಣೂರ, ಮುತ್ತು ಬೋರ್ಜಿ, ಕಲ್ಲಪ್ಪ ಗಿರಿಯಪ್ಪನವರ, ಸಿದ್ದು ಗೌಡರ, ಶ್ರೀಶೈಲ ಕಂಠಿ, ಸದಾಶಿವ ಭದ್ರಣ್ಣವರ, ಸಂಗಪ್ಪ ಕಟಗೇರಿ, ಪ್ರಕಾಶ ಹಾದಿಮನಿ, ಗುರುಪಾದ ಕಳಸಣ್ಣವರ, ಶಂಕರ ನಾಯಕ ಇತರರು ಇದ್ದರು.
